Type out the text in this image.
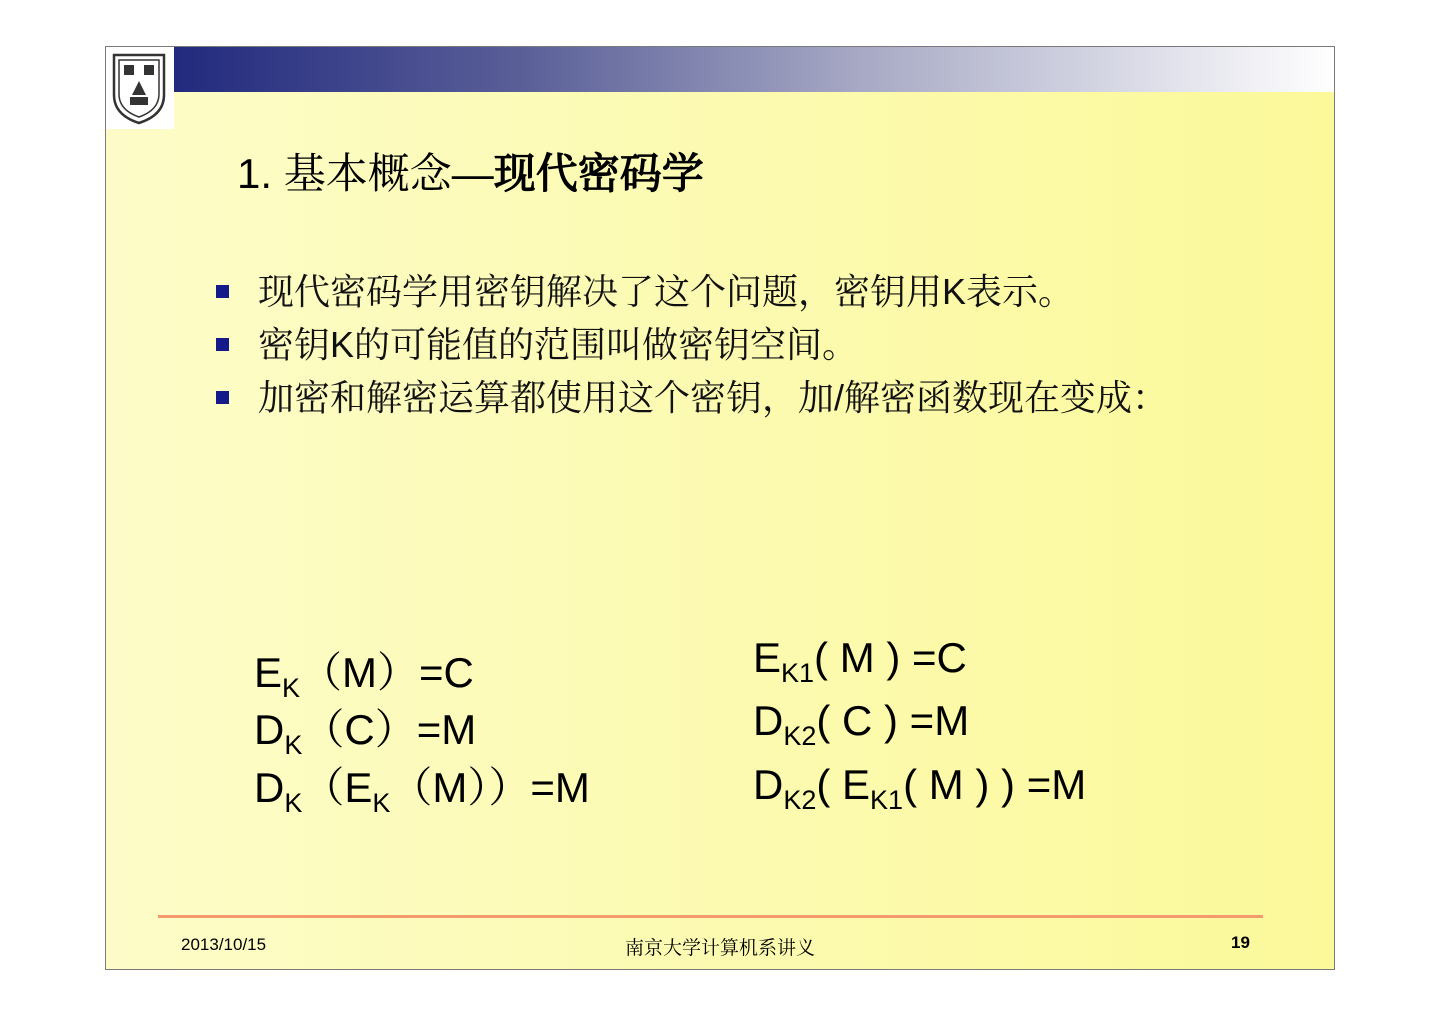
1. 基本概念—现代密码学
现代密码学用密钥解决了这个问题，密钥用K表示。
密钥K的可能值的范围叫做密钥空间。
加密和解密运算都使用这个密钥，加/解密函数现在变成：
$E_K(M)=C$
$D_K(C)=M$
$D_K(E_K(M))=M$
$E_{K1}$( M ) =C
$D_{K2}$( C ) =M
$D_{K2}$( $E_{K1}$( M ) ) =M
2013/10/15	南京大学计算机系讲义	19
